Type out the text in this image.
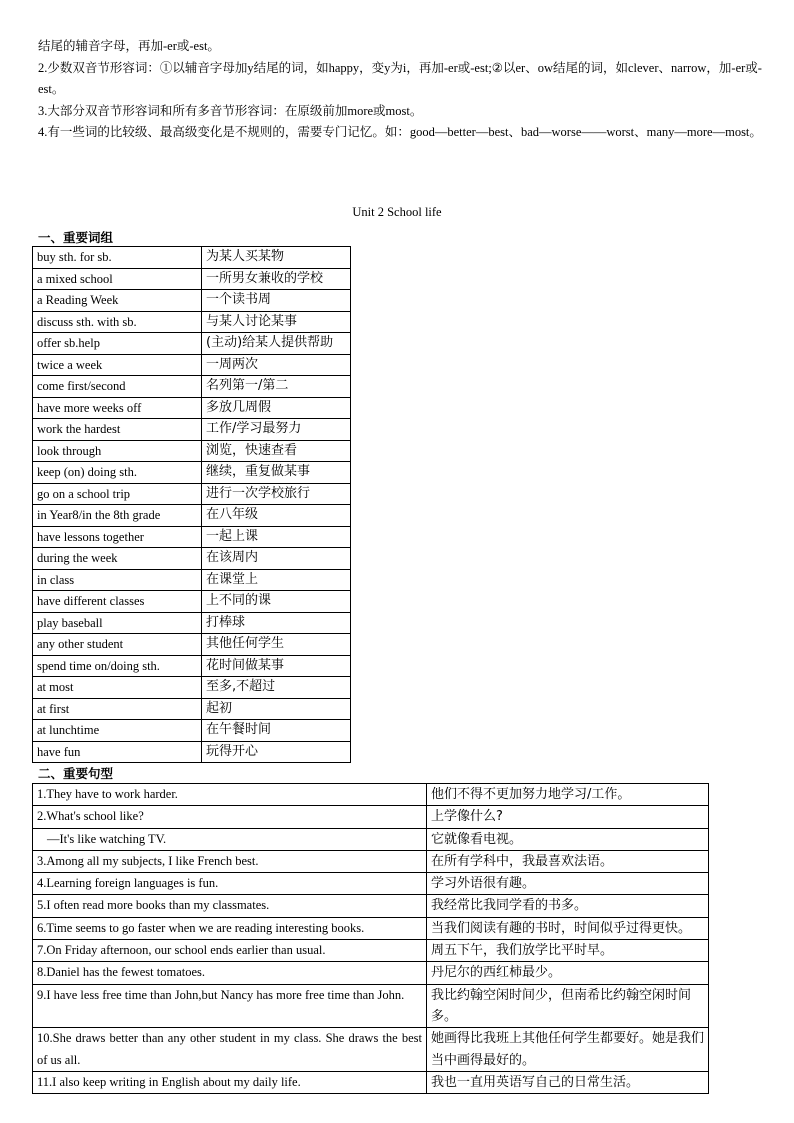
结尾的辅音字母，再加-er或-est。

2.少数双音节形容词：①以辅音字母加y结尾的词，如happy，变y为i，再加-er或-est;②以er、ow结尾的词，如clever、narrow，加-er或-est。

3.大部分双音节形容词和所有多音节形容词：在原级前加more或most。

4.有一些词的比较级、最高级变化是不规则的，需要专门记忆。如：good—better—best、bad—worse——worst、many—more—most。

Unit 2 School life
一、重要词组
buy sth. for sb.	为某人买某物
a mixed school	一所男女兼收的学校
a Reading Week	一个读书周
discuss sth. with sb.	与某人讨论某事
offer sb.help	(主动)给某人提供帮助
twice a week	一周两次
come first/second	名列第一/第二
have more weeks off	多放几周假
work the hardest	工作/学习最努力
look through	浏览，快速查看
keep (on) doing sth.	继续，重复做某事
go on a school trip	进行一次学校旅行
in Year8/in the 8th grade	在八年级
have lessons together	一起上课
during the week	在该周内
in class	在课堂上
have different classes	上不同的课
play baseball	打棒球
any other student	其他任何学生
spend time on/doing sth.	花时间做某事
at most	至多,不超过
at first	起初
at lunchtime	在午餐时间
have fun	玩得开心
二、重要句型
1.They have to work harder.	他们不得不更加努力地学习/工作。
2.What's school like?	上学像什么?
—It's like watching TV.	它就像看电视。
3.Among all my subjects, I like French best.	在所有学科中，我最喜欢法语。
4.Learning foreign languages is fun.	学习外语很有趣。
5.I often read more books than my classmates.	我经常比我同学看的书多。
6.Time seems to go faster when we are reading interesting books.	当我们阅读有趣的书时，时间似乎过得更快。
7.On Friday afternoon, our school ends earlier than usual.	周五下午，我们放学比平时早。
8.Daniel has the fewest tomatoes.	丹尼尔的西红柿最少。
9.I have less free time than John,but Nancy has more free time than John.	我比约翰空闲时间少，但南希比约翰空闲时间多。
10.She draws better than any other student in my class. She draws the best of us all.	她画得比我班上其他任何学生都要好。她是我们当中画得最好的。
11.I also keep writing in English about my daily life.	我也一直用英语写自己的日常生活。
